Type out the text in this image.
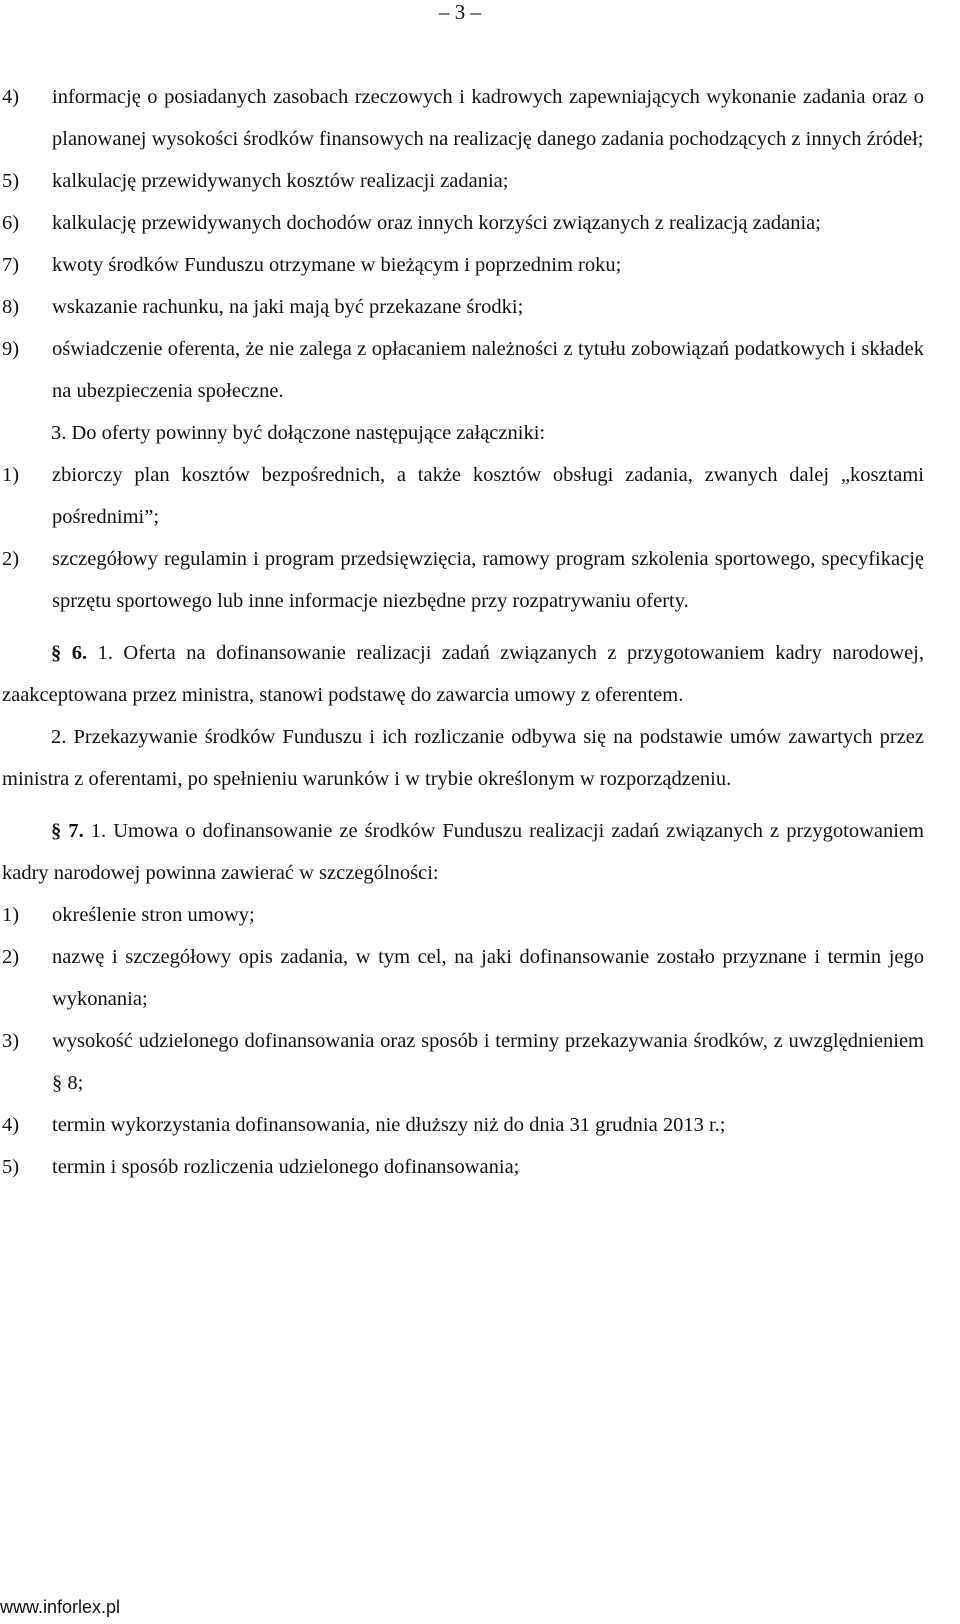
– 3 –
4)	informację o posiadanych zasobach rzeczowych i kadrowych zapewniających wykonanie zadania oraz o planowanej wysokości środków finansowych na realizację danego zadania pochodzących z innych źródeł;
5)	kalkulację przewidywanych kosztów realizacji zadania;
6)	kalkulację przewidywanych dochodów oraz innych korzyści związanych z realizacją zadania;
7)	kwoty środków Funduszu otrzymane w bieżącym i poprzednim roku;
8)	wskazanie rachunku, na jaki mają być przekazane środki;
9)	oświadczenie oferenta, że nie zalega z opłacaniem należności z tytułu zobowiązań podatkowych i składek na ubezpieczenia społeczne.

3. Do oferty powinny być dołączone następujące załączniki:

1)	zbiorczy plan kosztów bezpośrednich, a także kosztów obsługi zadania, zwanych dalej „kosztami pośrednimi”;
2)	szczegółowy regulamin i program przedsięwzięcia, ramowy program szkolenia sportowego, specyfikację sprzętu sportowego lub inne informacje niezbędne przy rozpatrywaniu oferty.

§ 6. 1. Oferta na dofinansowanie realizacji zadań związanych z przygotowaniem kadry narodowej, zaakceptowana przez ministra, stanowi podstawę do zawarcia umowy z oferentem.

2. Przekazywanie środków Funduszu i ich rozliczanie odbywa się na podstawie umów zawartych przez ministra z oferentami, po spełnieniu warunków i w trybie określonym w rozporządzeniu.

§ 7. 1. Umowa o dofinansowanie ze środków Funduszu realizacji zadań związanych z przygotowaniem kadry narodowej powinna zawierać w szczególności:

1)	określenie stron umowy;
2)	nazwę i szczegółowy opis zadania, w tym cel, na jaki dofinansowanie zostało przyznane i termin jego wykonania;
3)	wysokość udzielonego dofinansowania oraz sposób i terminy przekazywania środków, z uwzględnieniem § 8;
4)	termin wykorzystania dofinansowania, nie dłuższy niż do dnia 31 grudnia 2013 r.;
5)	termin i sposób rozliczenia udzielonego dofinansowania;
www.inforlex.pl
